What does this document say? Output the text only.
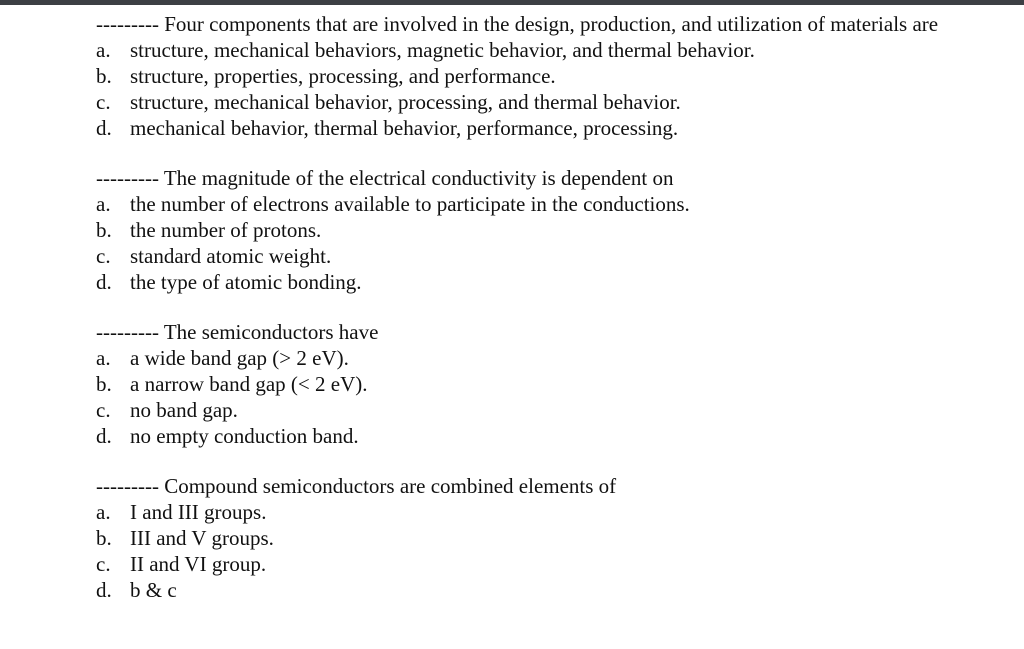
--------- Four components that are involved in the design, production, and utilization of materials are

a. structure, mechanical behaviors, magnetic behavior, and thermal behavior.
b. structure, properties, processing, and performance.
c. structure, mechanical behavior, processing, and thermal behavior.
d. mechanical behavior, thermal behavior, performance, processing.

--------- The magnitude of the electrical conductivity is dependent on

a. the number of electrons available to participate in the conductions.
b. the number of protons.
c. standard atomic weight.
d. the type of atomic bonding.

--------- The semiconductors have

a. a wide band gap (> 2 eV).
b. a narrow band gap (< 2 eV).
c. no band gap.
d. no empty conduction band.

--------- Compound semiconductors are combined elements of

a. I and III groups.
b. III and V groups.
c. II and VI group.
d. b & c
